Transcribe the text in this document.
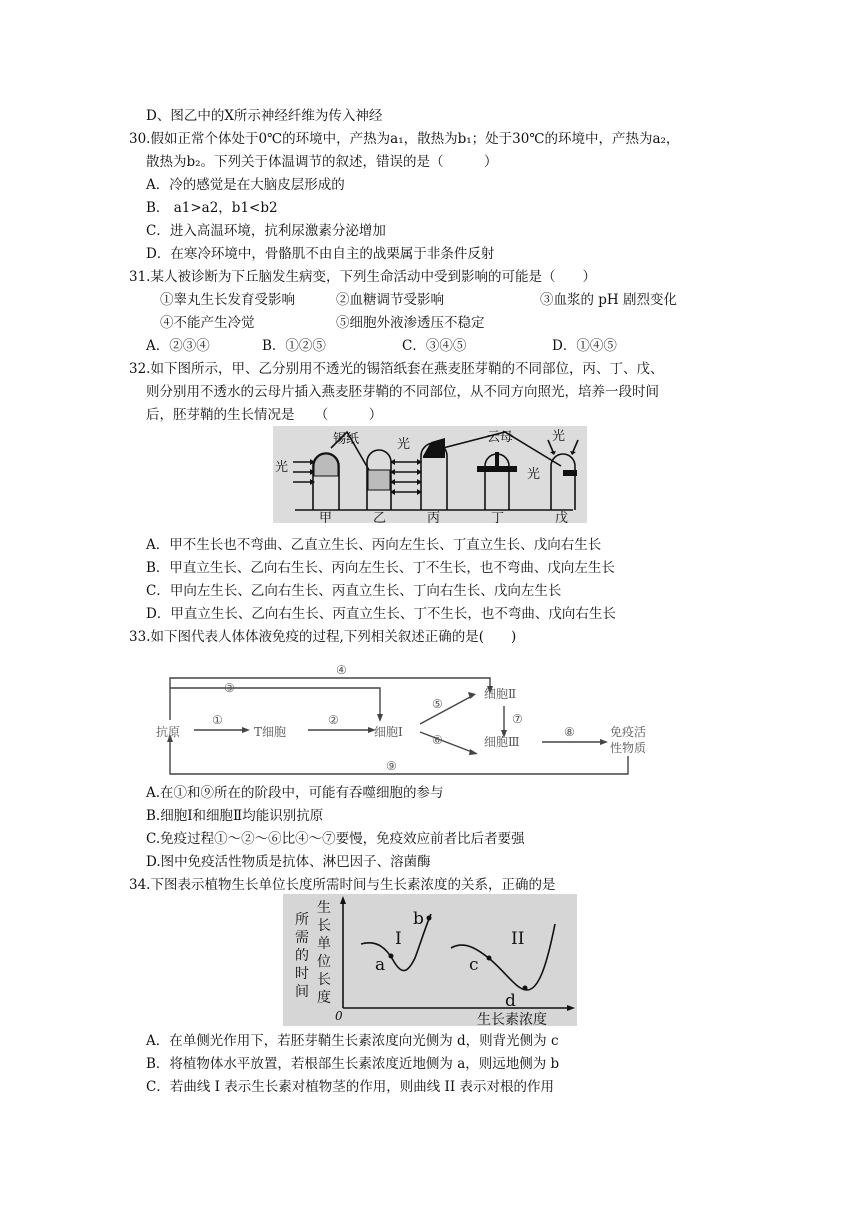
D、图乙中的X所示神经纤维为传入神经
30.假如正常个体处于0℃的环境中，产热为a₁，散热为b₁；处于30℃的环境中，产热为a₂，
散热为b₂。下列关于体温调节的叙述，错误的是（　　　）
A．冷的感觉是在大脑皮层形成的
B． a1>a2，b1<b2
C．进入高温环境，抗利尿激素分泌增加
D．在寒冷环境中，骨骼肌不由自主的战栗属于非条件反射
31.某人被诊断为下丘脑发生病变，下列生命活动中受到影响的可能是（　　）
①睾丸生长发育受影响	②血糖调节受影响	③血浆的 pH 剧烈变化
④不能产生冷觉	⑤细胞外液渗透压不稳定
A．②③④	B．①②⑤	C．③④⑤	D．①④⑤
32.如下图所示，甲、乙分别用不透光的锡箔纸套在燕麦胚芽鞘的不同部位，丙、丁、戊、
则分别用不透水的云母片插入燕麦胚芽鞘的不同部位，从不同方向照光，培养一段时间
后，胚芽鞘的生长情况是　　（　　　）
光
锡纸	光	云母	光
光
甲	乙	丙	丁	戊
A．甲不生长也不弯曲、乙直立生长、丙向左生长、丁直立生长、戊向右生长
B．甲直立生长、乙向右生长、丙向左生长、丁不生长，也不弯曲、戊向左生长
C．甲向左生长、乙向右生长、丙直立生长、丁向右生长、戊向左生长
D．甲直立生长、乙向右生长、丙直立生长、丁不生长，也不弯曲、戊向右生长
33.如下图代表人体体液免疫的过程,下列相关叙述正确的是(　　)
抗原	T细胞	细胞Ⅰ
细胞Ⅱ
细胞Ⅲ
免疫活
性物质
①	②
③
④
⑤
⑥
⑦
⑧
⑨
A.在①和⑨所在的阶段中，可能有吞噬细胞的参与
B.细胞Ⅰ和细胞Ⅱ均能识别抗原
C.免疫过程①～②～⑥比④～⑦要慢，免疫效应前者比后者要强
D.图中免疫活性物质是抗体、淋巴因子、溶菌酶
34.下图表示植物生长单位长度所需时间与生长素浓度的关系，正确的是
所
需
的
时
间
生
长
单
位
长
度
0	生长素浓度
I	II
a
b
c
d
A．在单侧光作用下，若胚芽鞘生长素浓度向光侧为 d，则背光侧为 c
B．将植物体水平放置，若根部生长素浓度近地侧为 a，则远地侧为 b
C．若曲线 I 表示生长素对植物茎的作用，则曲线 II 表示对根的作用
